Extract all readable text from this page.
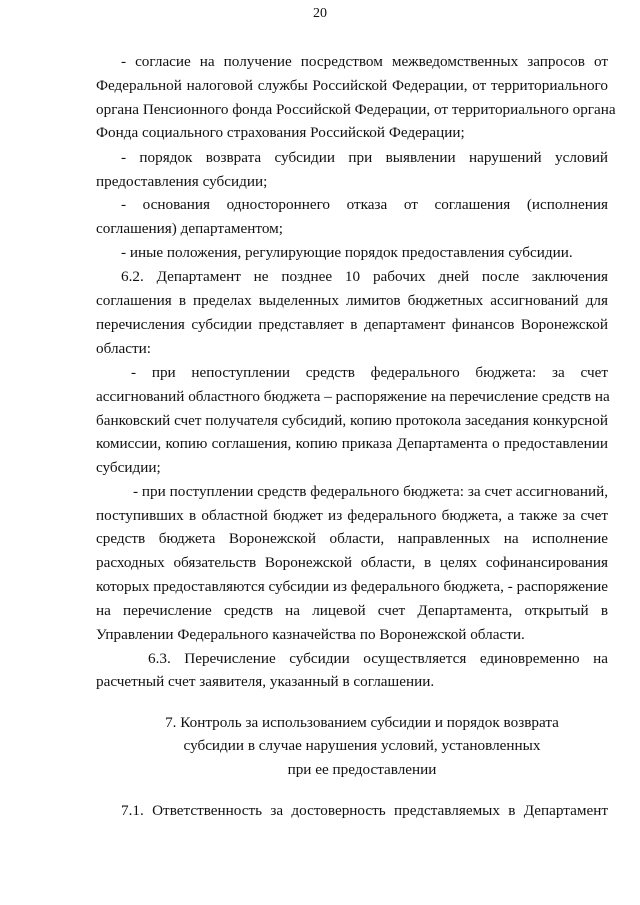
20
- согласие на получение посредством межведомственных запросов от
Федеральной налоговой службы Российской Федерации, от территориального
органа Пенсионного фонда Российской Федерации, от территориального органа
Фонда социального страхования Российской Федерации;
- порядок возврата субсидии при выявлении нарушений условий
предоставления субсидии;
- основания одностороннего отказа от соглашения (исполнения
соглашения) департаментом;
- иные положения, регулирующие порядок предоставления субсидии.
6.2. Департамент не позднее 10 рабочих дней после заключения
соглашения в пределах выделенных лимитов бюджетных ассигнований для
перечисления субсидии представляет в департамент финансов Воронежской
области:
- при непоступлении средств федерального бюджета: за счет
ассигнований областного бюджета – распоряжение на перечисление средств на
банковский счет получателя субсидий, копию протокола заседания конкурсной
комиссии, копию соглашения, копию приказа Департамента о предоставлении
субсидии;
- при поступлении средств федерального бюджета: за счет ассигнований,
поступивших в областной бюджет из федерального бюджета, а также за счет
средств бюджета Воронежской области, направленных на исполнение
расходных обязательств Воронежской области, в целях софинансирования
которых предоставляются субсидии из федерального бюджета, - распоряжение
на перечисление средств на лицевой счет Департамента, открытый в
Управлении Федерального казначейства по Воронежской области.
6.3. Перечисление субсидии осуществляется единовременно на
расчетный счет заявителя, указанный в соглашении.
7. Контроль за использованием субсидии и порядок возврата
субсидии в случае нарушения условий, установленных
при ее предоставлении
7.1. Ответственность за достоверность представляемых в Департамент
